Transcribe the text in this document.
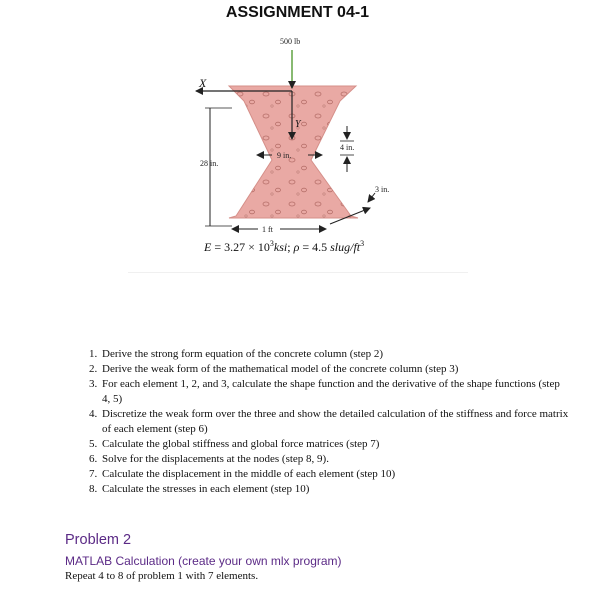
ASSIGNMENT 04-1
500 lb
X
Y
28 in.
9 in.
4 in.
3 in.
1 ft
$E = 3.27 \times 10^3ksi$; ρ = 4.5 slug/$ft^3$
1. Derive the strong form equation of the concrete column (step 2)
2. Derive the weak form of the mathematical model of the concrete column (step 3)
3. For each element 1, 2, and 3, calculate the shape function and the derivative of the shape functions (step 4, 5)
4. Discretize the weak form over the three and show the detailed calculation of the stiffness and force matrix of each element (step 6)
5. Calculate the global stiffness and global force matrices (step 7)
6. Solve for the displacements at the nodes (step 8, 9).
7. Calculate the displacement in the middle of each element (step 10)
8. Calculate the stresses in each element (step 10)
Problem 2
MATLAB Calculation (create your own mlx program)
Repeat 4 to 8 of problem 1 with 7 elements.
